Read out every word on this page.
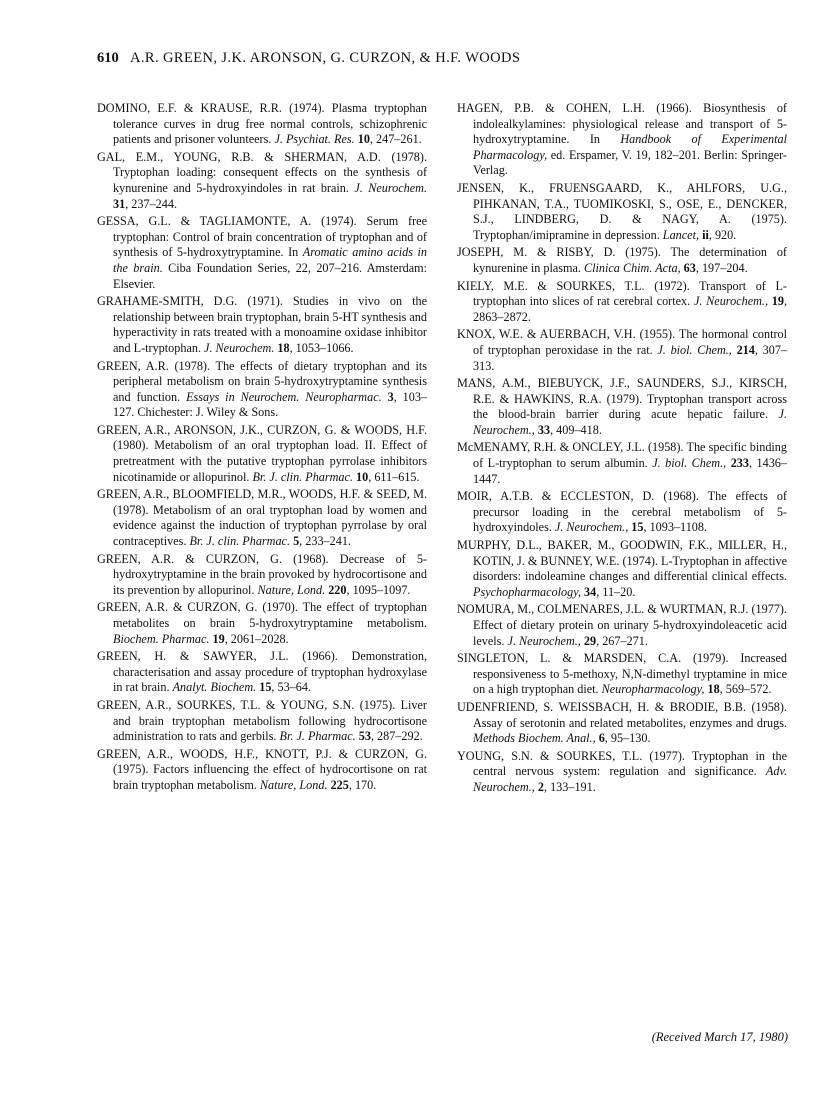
610 A.R. GREEN, J.K. ARONSON, G. CURZON, & H.F. WOODS

DOMINO, E.F. & KRAUSE, R.R. (1974). Plasma tryptophan tolerance curves in drug free normal controls, schizophrenic patients and prisoner volunteers. J. Psychiat. Res. 10, 247–261.

GAL, E.M., YOUNG, R.B. & SHERMAN, A.D. (1978). Tryptophan loading: consequent effects on the synthesis of kynurenine and 5-hydroxyindoles in rat brain. J. Neurochem. 31, 237–244.

GESSA, G.L. & TAGLIAMONTE, A. (1974). Serum free tryptophan: Control of brain concentration of tryptophan and of synthesis of 5-hydroxytryptamine. In Aromatic amino acids in the brain. Ciba Foundation Series, 22, 207–216. Amsterdam: Elsevier.

GRAHAME-SMITH, D.G. (1971). Studies in vivo on the relationship between brain tryptophan, brain 5-HT synthesis and hyperactivity in rats treated with a monoamine oxidase inhibitor and L-tryptophan. J. Neurochem. 18, 1053–1066.

GREEN, A.R. (1978). The effects of dietary tryptophan and its peripheral metabolism on brain 5-hydroxytryptamine synthesis and function. Essays in Neurochem. Neuropharmac. 3, 103–127. Chichester: J. Wiley & Sons.

GREEN, A.R., ARONSON, J.K., CURZON, G. & WOODS, H.F. (1980). Metabolism of an oral tryptophan load. II. Effect of pretreatment with the putative tryptophan pyrrolase inhibitors nicotinamide or allopurinol. Br. J. clin. Pharmac. 10, 611–615.

GREEN, A.R., BLOOMFIELD, M.R., WOODS, H.F. & SEED, M. (1978). Metabolism of an oral tryptophan load by women and evidence against the induction of tryptophan pyrrolase by oral contraceptives. Br. J. clin. Pharmac. 5, 233–241.

GREEN, A.R. & CURZON, G. (1968). Decrease of 5-hydroxytryptamine in the brain provoked by hydrocortisone and its prevention by allopurinol. Nature, Lond. 220, 1095–1097.

GREEN, A.R. & CURZON, G. (1970). The effect of tryptophan metabolites on brain 5-hydroxytryptamine metabolism. Biochem. Pharmac. 19, 2061–2028.

GREEN, H. & SAWYER, J.L. (1966). Demonstration, characterisation and assay procedure of tryptophan hydroxylase in rat brain. Analyt. Biochem. 15, 53–64.

GREEN, A.R., SOURKES, T.L. & YOUNG, S.N. (1975). Liver and brain tryptophan metabolism following hydrocortisone administration to rats and gerbils. Br. J. Pharmac. 53, 287–292.

GREEN, A.R., WOODS, H.F., KNOTT, P.J. & CURZON, G. (1975). Factors influencing the effect of hydrocortisone on rat brain tryptophan metabolism. Nature, Lond. 225, 170.

HAGEN, P.B. & COHEN, L.H. (1966). Biosynthesis of indolealkylamines: physiological release and transport of 5-hydroxytryptamine. In Handbook of Experimental Pharmacology, ed. Erspamer, V. 19, 182–201. Berlin: Springer-Verlag.

JENSEN, K., FRUENSGAARD, K., AHLFORS, U.G., PIHKANAN, T.A., TUOMIKOSKI, S., OSE, E., DENCKER, S.J., LINDBERG, D. & NAGY, A. (1975). Tryptophan/imipramine in depression. Lancet, ii, 920.

JOSEPH, M. & RISBY, D. (1975). The determination of kynurenine in plasma. Clinica Chim. Acta, 63, 197–204.

KIELY, M.E. & SOURKES, T.L. (1972). Transport of L-tryptophan into slices of rat cerebral cortex. J. Neurochem., 19, 2863–2872.

KNOX, W.E. & AUERBACH, V.H. (1955). The hormonal control of tryptophan peroxidase in the rat. J. biol. Chem., 214, 307–313.

MANS, A.M., BIEBUYCK, J.F., SAUNDERS, S.J., KIRSCH, R.E. & HAWKINS, R.A. (1979). Tryptophan transport across the blood-brain barrier during acute hepatic failure. J. Neurochem., 33, 409–418.

McMENAMY, R.H. & ONCLEY, J.L. (1958). The specific binding of L-tryptophan to serum albumin. J. biol. Chem., 233, 1436–1447.

MOIR, A.T.B. & ECCLESTON, D. (1968). The effects of precursor loading in the cerebral metabolism of 5-hydroxyindoles. J. Neurochem., 15, 1093–1108.

MURPHY, D.L., BAKER, M., GOODWIN, F.K., MILLER, H., KOTIN, J. & BUNNEY, W.E. (1974). L-Tryptophan in affective disorders: indoleamine changes and differential clinical effects. Psychopharmacology, 34, 11–20.

NOMURA, M., COLMENARES, J.L. & WURTMAN, R.J. (1977). Effect of dietary protein on urinary 5-hydroxyindoleacetic acid levels. J. Neurochem., 29, 267–271.

SINGLETON, L. & MARSDEN, C.A. (1979). Increased responsiveness to 5-methoxy, N,N-dimethyl tryptamine in mice on a high tryptophan diet. Neuropharmacology, 18, 569–572.

UDENFRIEND, S. WEISSBACH, H. & BRODIE, B.B. (1958). Assay of serotonin and related metabolites, enzymes and drugs. Methods Biochem. Anal., 6, 95–130.

YOUNG, S.N. & SOURKES, T.L. (1977). Tryptophan in the central nervous system: regulation and significance. Adv. Neurochem., 2, 133–191.

(Received March 17, 1980)
